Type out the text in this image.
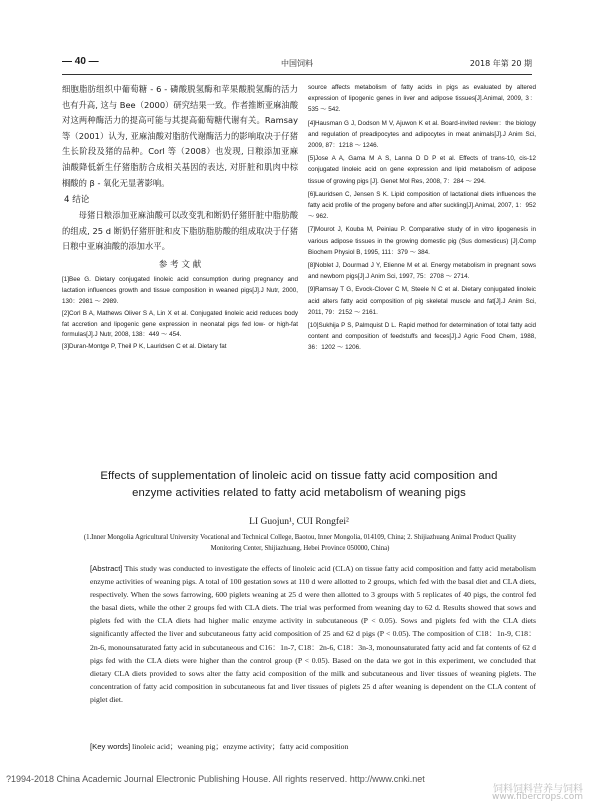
— 40 —	中国饲料	2018 年第 20 期

细胞脂肪组织中葡萄糖 - 6 - 磷酸脱氢酶和苹果酸脱氢酶的活力也有升高, 这与 Bee（2000）研究结果一致。作者推断亚麻油酸对这两种酶活力的提高可能与其提高葡萄糖代谢有关。Ramsay 等（2001）认为, 亚麻油酸对脂肪代谢酶活力的影响取决于仔猪生长阶段及猪的品种。Corl 等（2008）也发现, 日粮添加亚麻油酸降低新生仔猪脂肪合成相关基因的表达, 对肝脏和肌肉中棕榈酸的 β - 氧化无显著影响。

4 结论

母猪日粮添加亚麻油酸可以改变乳和断奶仔猪肝脏中脂肪酸的组成, 25 d 断奶仔猪肝脏和皮下脂肪脂肪酸的组成取决于仔猪日粮中亚麻油酸的添加水平。

参 考 文 献

[1]Bee G. Dietary conjugated linoleic acid consumption during pregnancy and lactation influences growth and tissue composition in weaned pigs[J].J Nutr, 2000, 130：2981 ～ 2989.

[2]Corl B A, Mathews Oliver S A, Lin X et al. Conjugated linoleic acid reduces body fat accretion and lipogenic gene expression in neonatal pigs fed low- or high-fat formulas[J].J Nutr, 2008, 138：449 ～ 454.

[3]Duran-Montge P, Theil P K, Lauridsen C et al. Dietary fat

source affects metabolism of fatty acids in pigs as evaluated by altered expression of lipogenic genes in liver and adipose tissues[J].Animal, 2009, 3：535 ～ 542.

[4]Hausman G J, Dodson M V, Ajuwon K et al. Board-invited review：the biology and regulation of preadipocytes and adipocytes in meat animals[J].J Anim Sci, 2009, 87：1218 ～ 1246.

[5]Jose A A, Gama M A S, Lanna D D P et al. Effects of trans-10, cis-12 conjugated linoleic acid on gene expression and lipid metabolism of adipose tissue of growing pigs [J]. Genet Mol Res, 2008, 7：284 ～ 294.

[6]Lauridsen C, Jensen S K. Lipid composition of lactational diets influences the fatty acid profile of the progeny before and after suckling[J].Animal, 2007, 1：952 ～ 962.

[7]Mourot J, Kouba M, Peiniau P. Comparative study of in vitro lipogenesis in various adipose tissues in the growing domestic pig (Sus domesticus) [J].Comp Biochem Physiol B, 1995, 111：379 ～ 384.

[8]Noblet J, Dourmad J Y, Etienne M et al. Energy metabolism in pregnant sows and newborn pigs[J].J Anim Sci, 1997, 75：2708 ～ 2714.

[9]Ramsay T G, Evock-Clover C M, Steele N C et al. Dietary conjugated linoleic acid alters fatty acid composition of pig skeletal muscle and fat[J].J Anim Sci, 2011, 79：2152 ～ 2161.

[10]Sukhija P S, Palmquist D L. Rapid method for determination of total fatty acid content and composition of feedstuffs and feces[J].J Agric Food Chem, 1988, 36：1202 ～ 1206.

Effects of supplementation of linoleic acid on tissue fatty acid composition and
enzyme activities related to fatty acid metabolism of weaning pigs
LI Guojun¹, CUI Rongfei²
(1.Inner Mongolia Agricultural University Vocational and Technical College, Baotou, Inner Mongolia, 014109, China; 2. Shijiazhuang Animal Product Quality Monitoring Center, Shijiazhuang, Hebei Province 050000, China)

[Abstract] This study was conducted to investigate the effects of linoleic acid (CLA) on tissue fatty acid composition and fatty acid metabolism enzyme activities of weaning pigs. A total of 100 gestation sows at 110 d were allotted to 2 groups, which fed with the basal diet and CLA diets, respectively. When the sows farrowing, 600 piglets weaning at 25 d were then allotted to 3 groups with 5 replicates of 40 pigs, the control fed the basal diets, while the other 2 groups fed with CLA diets. The trial was performed from weaning day to 62 d. Results showed that sows and piglets fed with the CLA diets had higher malic enzyme activity in subcutaneous (P < 0.05). Sows and piglets fed with the CLA diets significantly affected the liver and subcutaneous fatty acid composition of 25 and 62 d pigs (P < 0.05). The composition of C18：1n-9, C18：2n-6, monounsaturated fatty acid in subcutaneous and C16：1n-7, C18：2n-6, C18：3n-3, monounsaturated fatty acid and fat contents of 62 d pigs fed with the CLA diets were higher than the control group (P < 0.05). Based on the data we got in this experiment, we concluded that dietary CLA diets provided to sows alter the fatty acid composition of the milk and subcutaneous and liver tissues of weaning piglets. The concentration of fatty acid composition in subcutaneous fat and liver tissues of piglets 25 d after weaning is dependent on the CLA content of piglet diet.

[Key words] linoleic acid；weaning pig；enzyme activity；fatty acid composition
?1994-2018 China Academic Journal Electronic Publishing House. All rights reserved. http://www.cnki.net
饲料饲料营养与饲料
www.fibercrops.com
